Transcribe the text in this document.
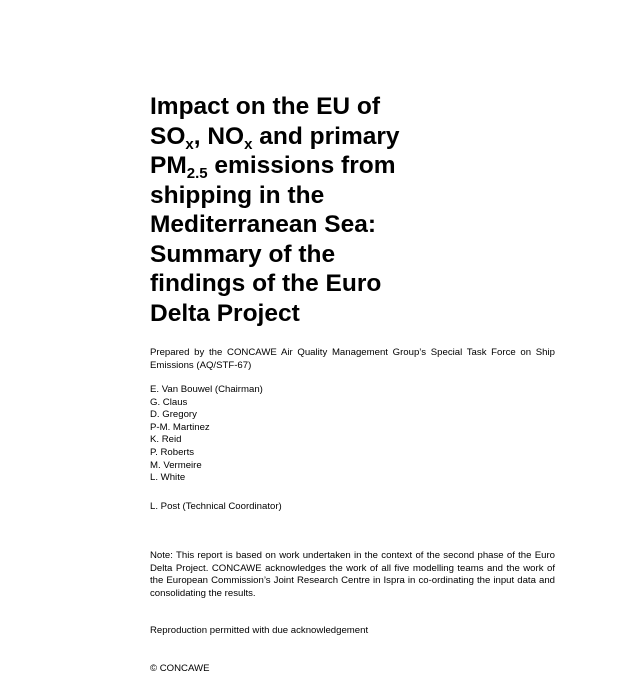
Impact on the EU of
$SO_x$, $NO_x$ and primary
$PM_{2.5}$ emissions from
shipping in the
Mediterranean Sea:
Summary of the
findings of the Euro
Delta Project

Prepared by the CONCAWE Air Quality Management Group’s Special Task Force on Ship Emissions (AQ/STF-67)

E. Van Bouwel (Chairman)
G. Claus
D. Gregory
P-M. Martinez
K. Reid
P. Roberts
M. Vermeire
L. White

L. Post (Technical Coordinator)

Note: This report is based on work undertaken in the context of the second phase of the Euro Delta Project. CONCAWE acknowledges the work of all five modelling teams and the work of the European Commission’s Joint Research Centre in Ispra in co-ordinating the input data and consolidating the results.

Reproduction permitted with due acknowledgement

© CONCAWE
